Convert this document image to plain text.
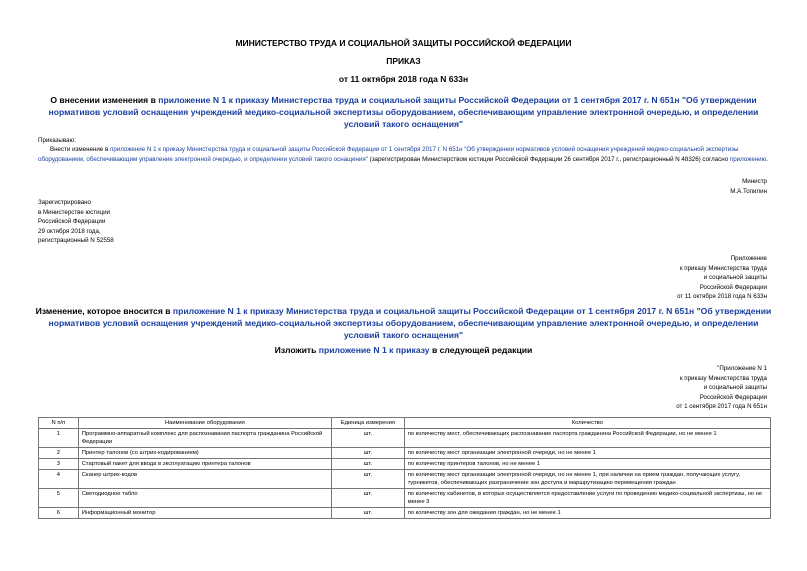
МИНИСТЕРСТВО ТРУДА И СОЦИАЛЬНОЙ ЗАЩИТЫ РОССИЙСКОЙ ФЕДЕРАЦИИ
ПРИКАЗ
от 11 октября 2018 года N 633н
О внесении изменения в приложение N 1 к приказу Министерства труда и социальной защиты Российской Федерации от 1 сентября 2017 г. N 651н "Об утверждении нормативов условий оснащения учреждений медико-социальной экспертизы оборудованием, обеспечивающим управление электронной очередью, и определении условий такого оснащения"
Приказываю:
Внести изменение в приложение N 1 к приказу Министерства труда и социальной защиты Российской Федерации от 1 сентября 2017 г. N 651н "Об утверждении нормативов условий оснащения учреждений медико-социальной экспертизы оборудованием, обеспечивающим управление электронной очередью, и определении условий такого оснащения" (зарегистрирован Министерством юстиции Российской Федерации 26 сентября 2017 г., регистрационный N 48326) согласно приложению.
Министр
М.А.Топилин
Зарегистрировано
в Министерстве юстиции
Российской Федерации
29 октября 2018 года,
регистрационный N 52558
Приложение
к приказу Министерства труда
и социальной защиты
Российской Федерации
от 11 октября 2018 года N 633н
Изменение, которое вносится в приложение N 1 к приказу Министерства труда и социальной защиты Российской Федерации от 1 сентября 2017 г. N 651н "Об утверждении нормативов условий оснащения учреждений медико-социальной экспертизы оборудованием, обеспечивающим управление электронной очередью, и определении условий такого оснащения"
Изложить приложение N 1 к приказу в следующей редакции
"Приложение N 1
к приказу Министерства труда
и социальной защиты
Российской Федерации
от 1 сентября 2017 года N 651н
N п/п	Наименование оборудования	Единица измерения	Количество
1	Программно-аппаратный комплекс для распознавания паспорта гражданина Российской Федерации	шт.	по количеству мест, обеспечивающих распознавание паспорта гражданина Российской Федерации, но не менее 1
2	Принтер талонов (со штрих-кодированием)	шт.	по количеству мест организации электронной очереди, но не менее 1
3	Стартовый пакет для ввода в эксплуатацию принтера талонов	шт.	по количеству принтеров талонов, но не менее 1
4	Сканер штрих-кодов	шт.	по количеству мест организации электронной очереди, но не менее 1, при наличии на прием граждан, получающих услугу, турникетов, обеспечивающих разграничение зон доступа и маршрутизацию перемещения граждан
5	Светодиодное табло	шт.	по количеству кабинетов, в которых осуществляется предоставление услуги по проведению медико-социальной экспертизы, но не менее 3
6	Информационный монитор	шт.	по количеству зон для ожидания граждан, но не менее 1
